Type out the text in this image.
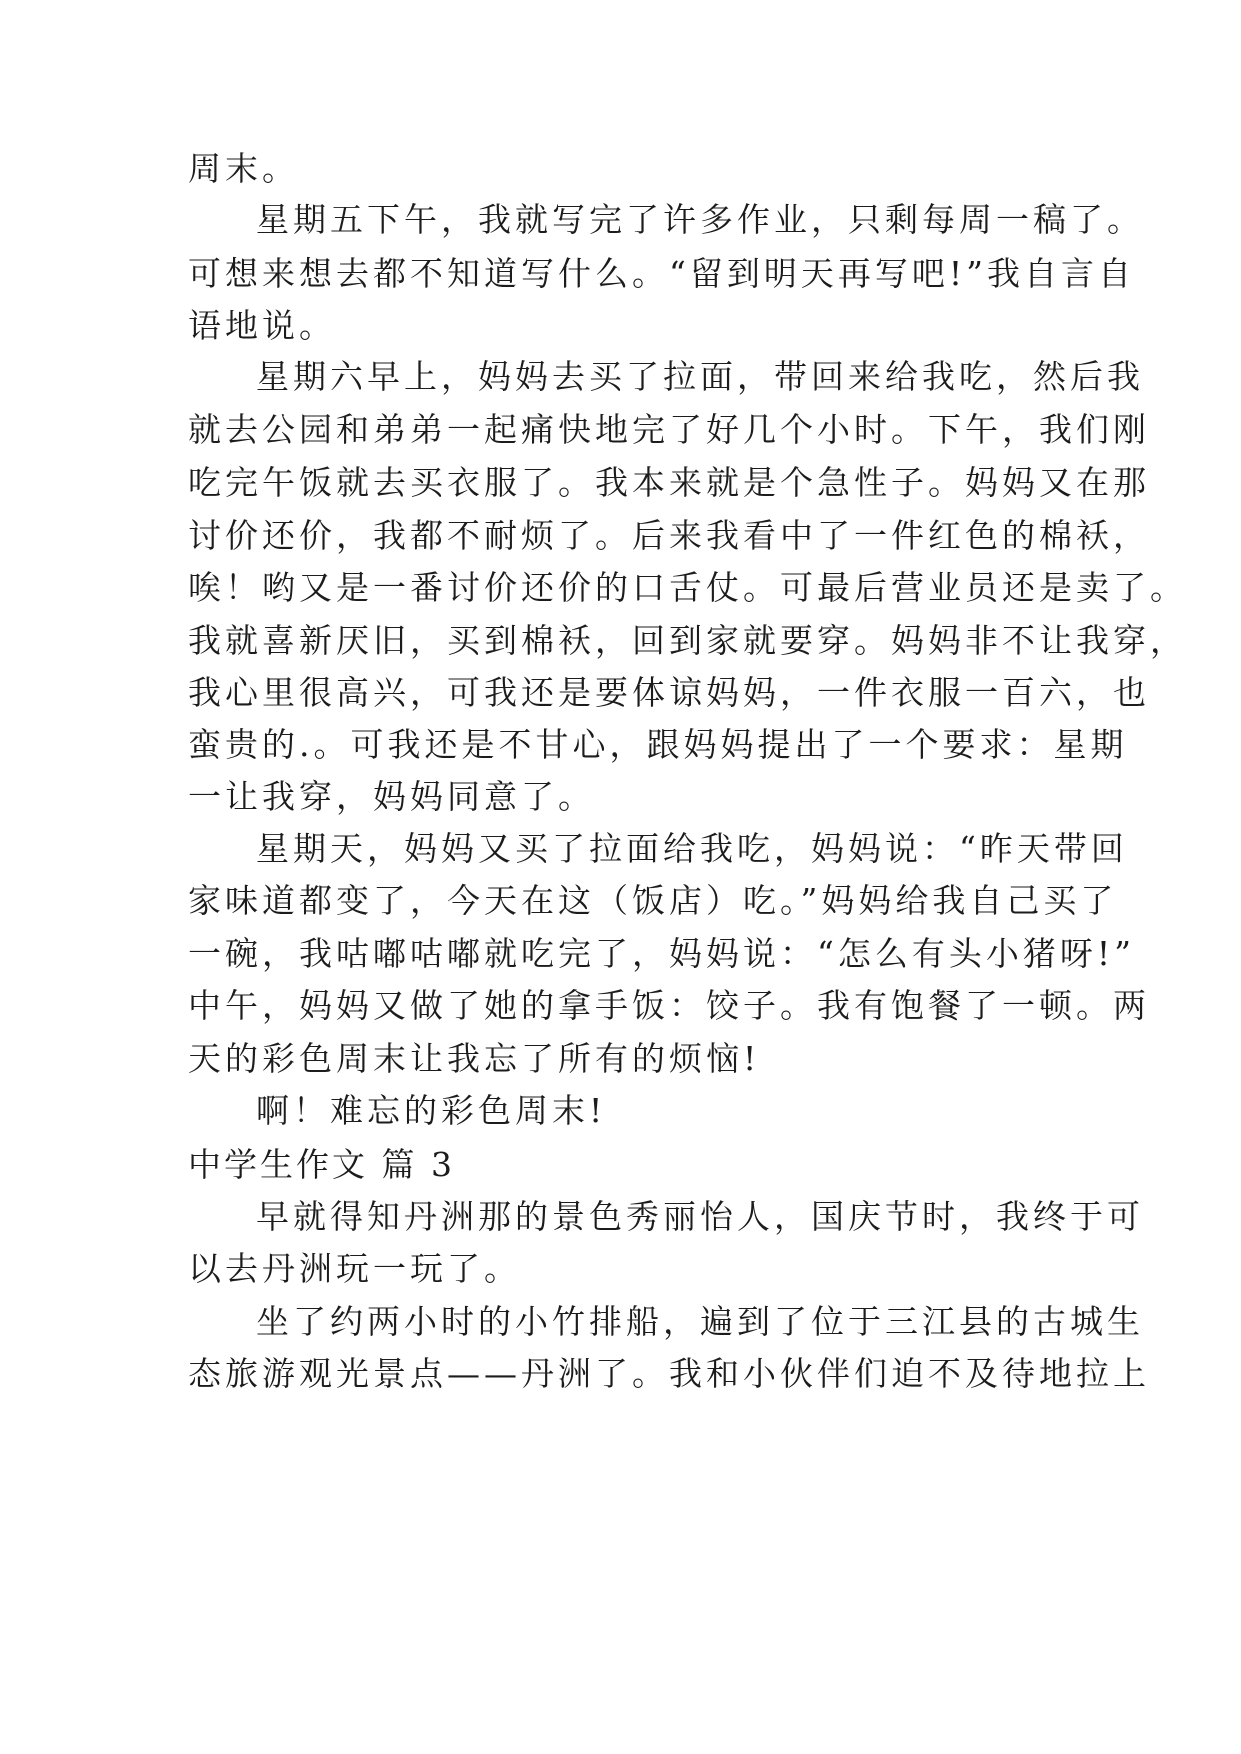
周末。
星期五下午，我就写完了许多作业，只剩每周一稿了。
可想来想去都不知道写什么。“留到明天再写吧!”我自言自
语地说。
星期六早上，妈妈去买了拉面，带回来给我吃，然后我
就去公园和弟弟一起痛快地完了好几个小时。下午，我们刚
吃完午饭就去买衣服了。我本来就是个急性子。妈妈又在那
讨价还价，我都不耐烦了。后来我看中了一件红色的棉袄，
唉！哟又是一番讨价还价的口舌仗。可最后营业员还是卖了。
我就喜新厌旧，买到棉袄，回到家就要穿。妈妈非不让我穿，
我心里很高兴，可我还是要体谅妈妈，一件衣服一百六，也
蛮贵的.。可我还是不甘心，跟妈妈提出了一个要求：星期
一让我穿，妈妈同意了。
星期天，妈妈又买了拉面给我吃，妈妈说：“昨天带回
家味道都变了，今天在这（饭店）吃。”妈妈给我自己买了
一碗，我咕嘟咕嘟就吃完了，妈妈说：“怎么有头小猪呀!”
中午，妈妈又做了她的拿手饭：饺子。我有饱餐了一顿。两
天的彩色周末让我忘了所有的烦恼!
啊！难忘的彩色周末!
中学生作文 篇 3
早就得知丹洲那的景色秀丽怡人，国庆节时，我终于可
以去丹洲玩一玩了。
坐了约两小时的小竹排船，遍到了位于三江县的古城生
态旅游观光景点——丹洲了。我和小伙伴们迫不及待地拉上
